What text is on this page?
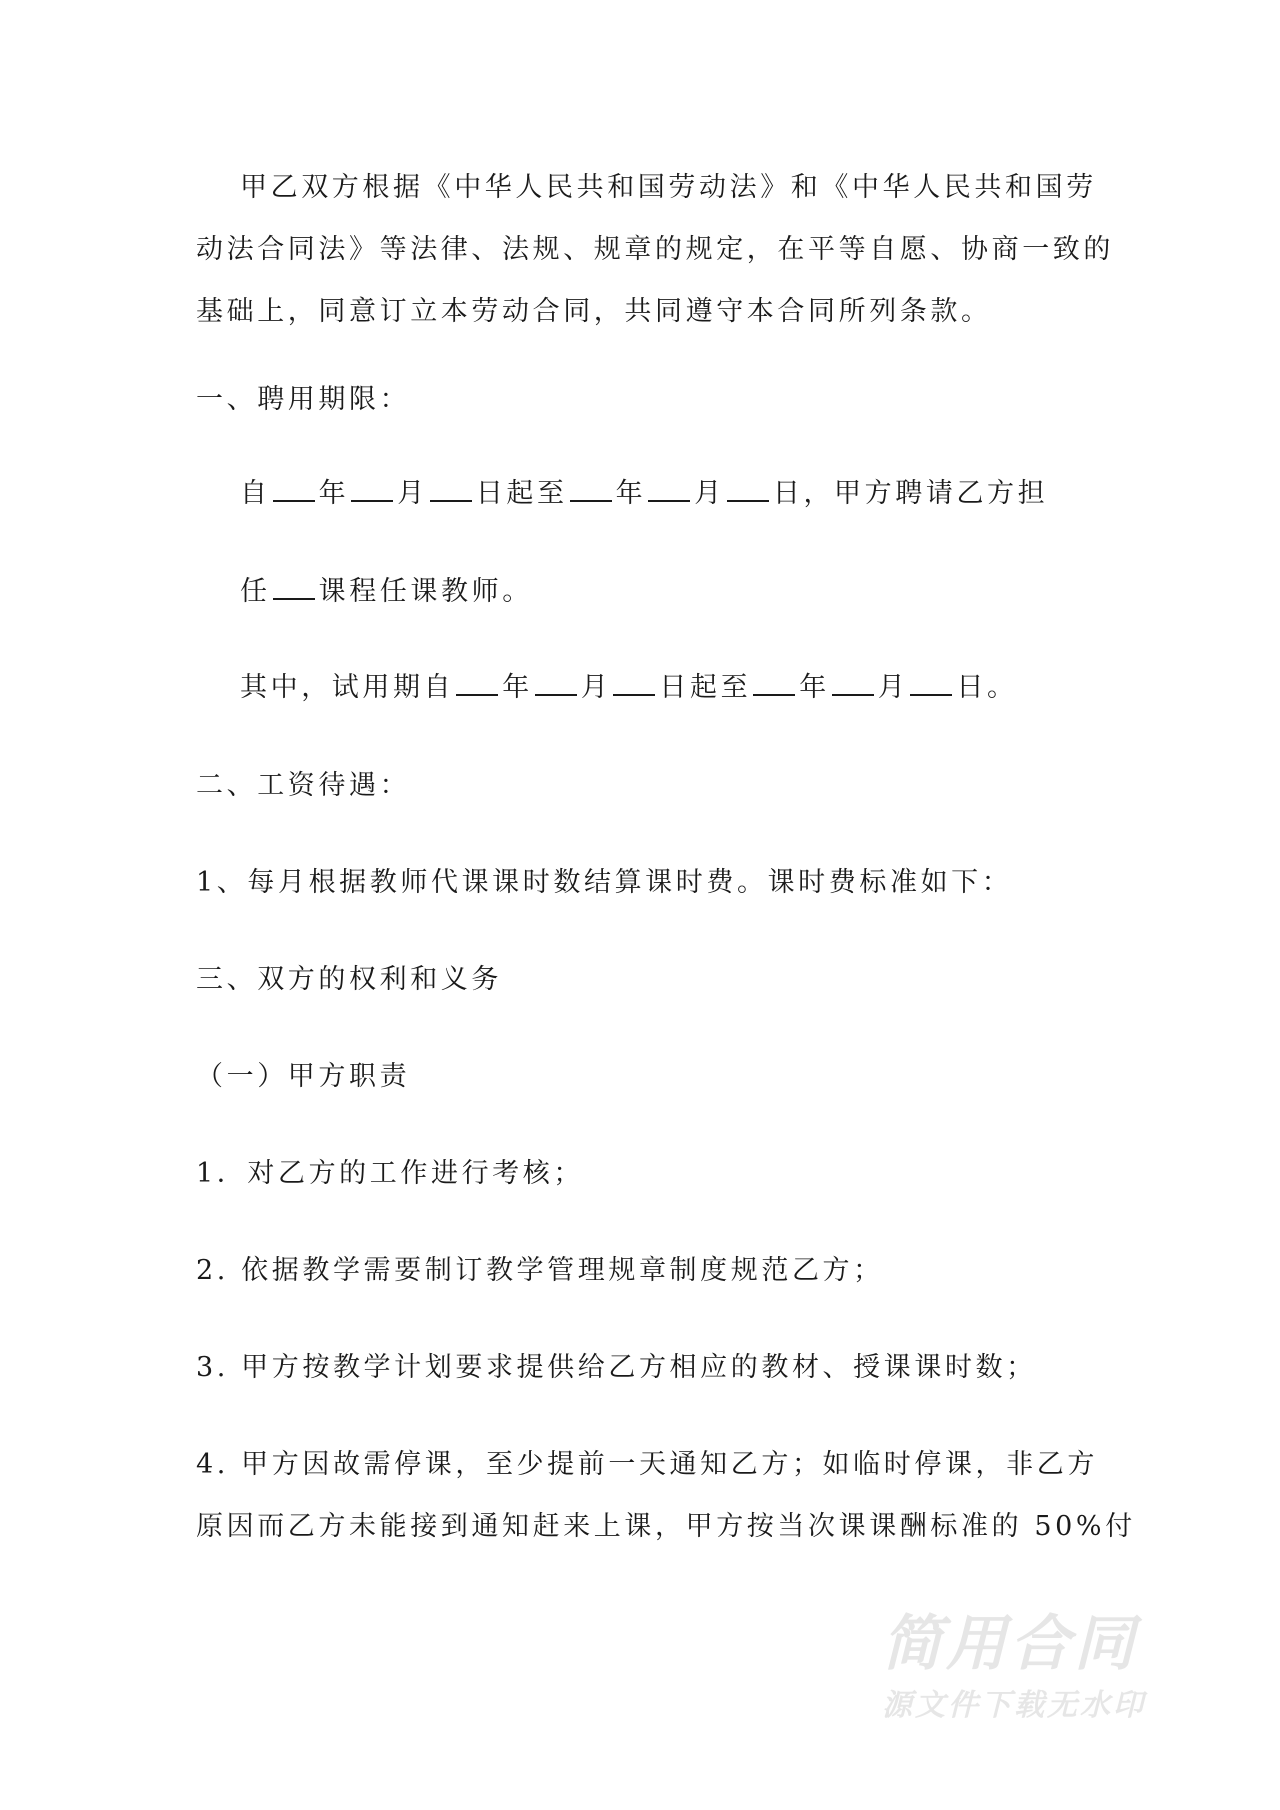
甲乙双方根据《中华人民共和国劳动法》和《中华人民共和国劳
动法合同法》等法律、法规、规章的规定，在平等自愿、协商一致的
基础上，同意订立本劳动合同，共同遵守本合同所列条款。
一、聘用期限：
自 年 月 日起至 年 月 日，甲方聘请乙方担
任 课程任课教师。
其中，试用期自 年 月 日起至 年 月 日。
二、工资待遇：
1、每月根据教师代课课时数结算课时费。课时费标准如下：
三、双方的权利和义务
（一）甲方职责
1．对乙方的工作进行考核；
2. 依据教学需要制订教学管理规章制度规范乙方；
3. 甲方按教学计划要求提供给乙方相应的教材、授课课时数；
4. 甲方因故需停课，至少提前一天通知乙方；如临时停课，非乙方
原因而乙方未能接到通知赶来上课，甲方按当次课课酬标准的 50%付
简用合同
源文件下载无水印
